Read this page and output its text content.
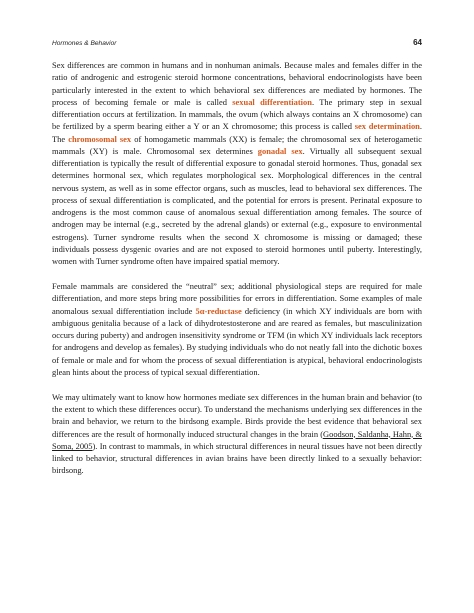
Hormones & Behavior	64

Sex differences are common in humans and in nonhuman animals. Because males and females differ in the ratio of androgenic and estrogenic steroid hormone concentrations, behavioral endocrinologists have been particularly interested in the extent to which behavioral sex differences are mediated by hormones. The process of becoming female or male is called sexual differentiation. The primary step in sexual differentiation occurs at fertilization. In mammals, the ovum (which always contains an X chromosome) can be fertilized by a sperm bearing either a Y or an X chromosome; this process is called sex determination. The chromosomal sex of homogametic mammals (XX) is female; the chromosomal sex of heterogametic mammals (XY) is male. Chromosomal sex determines gonadal sex. Virtually all subsequent sexual differentiation is typically the result of differential exposure to gonadal steroid hormones. Thus, gonadal sex determines hormonal sex, which regulates morphological sex. Morphological differences in the central nervous system, as well as in some effector organs, such as muscles, lead to behavioral sex differences. The process of sexual differentiation is complicated, and the potential for errors is present. Perinatal exposure to androgens is the most common cause of anomalous sexual differentiation among females. The source of androgen may be internal (e.g., secreted by the adrenal glands) or external (e.g., exposure to environmental estrogens). Turner syndrome results when the second X chromosome is missing or damaged; these individuals possess dysgenic ovaries and are not exposed to steroid hormones until puberty. Interestingly, women with Turner syndrome often have impaired spatial memory.

Female mammals are considered the “neutral” sex; additional physiological steps are required for male differentiation, and more steps bring more possibilities for errors in differentiation. Some examples of male anomalous sexual differentiation include 5α-reductase deficiency (in which XY individuals are born with ambiguous genitalia because of a lack of dihydrotestosterone and are reared as females, but masculinization occurs during puberty) and androgen insensitivity syndrome or TFM (in which XY individuals lack receptors for androgens and develop as females). By studying individuals who do not neatly fall into the dichotic boxes of female or male and for whom the process of sexual differentiation is atypical, behavioral endocrinologists glean hints about the process of typical sexual differentiation.

We may ultimately want to know how hormones mediate sex differences in the human brain and behavior (to the extent to which these differences occur). To understand the mechanisms underlying sex differences in the brain and behavior, we return to the birdsong example. Birds provide the best evidence that behavioral sex differences are the result of hormonally induced structural changes in the brain (Goodson, Saldanha, Hahn, & Soma, 2005). In contrast to mammals, in which structural differences in neural tissues have not been directly linked to behavior, structural differences in avian brains have been directly linked to a sexually behavior: birdsong.
